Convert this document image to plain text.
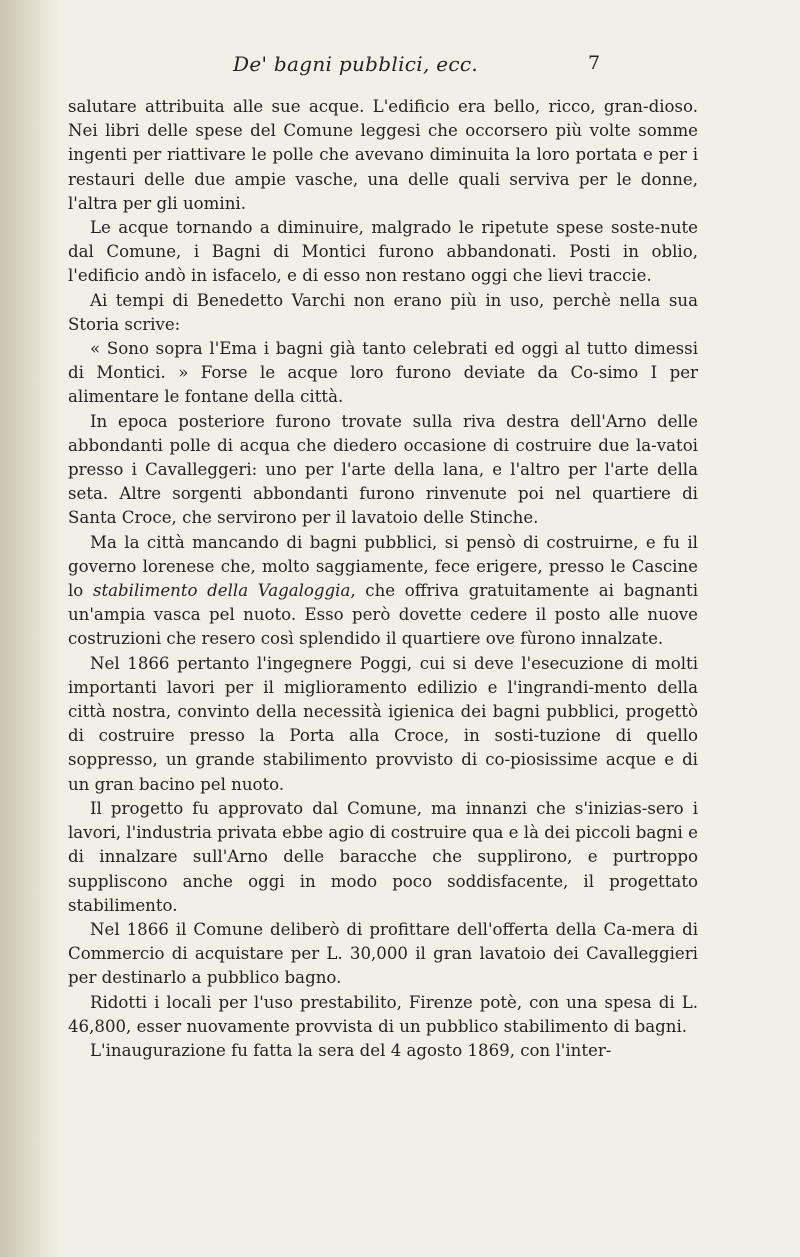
De' bagni pubblici, ecc.	7

salutare attribuita alle sue acque. L'edificio era bello, ricco, gran-dioso. Nei libri delle spese del Comune leggesi che occorsero più volte somme ingenti per riattivare le polle che avevano diminuita la loro portata e per i restauri delle due ampie vasche, una delle quali serviva per le donne, l'altra per gli uomini.

Le acque tornando a diminuire, malgrado le ripetute spese soste-nute dal Comune, i Bagni di Montici furono abbandonati. Posti in oblio, l'edificio andò in isfacelo, e di esso non restano oggi che lievi traccie.

Ai tempi di Benedetto Varchi non erano più in uso, perchè nella sua Storia scrive:

« Sono sopra l'Ema i bagni già tanto celebrati ed oggi al tutto dimessi di Montici. » Forse le acque loro furono deviate da Co-simo I per alimentare le fontane della città.

In epoca posteriore furono trovate sulla riva destra dell'Arno delle abbondanti polle di acqua che diedero occasione di costruire due la-vatoi presso i Cavalleggeri: uno per l'arte della lana, e l'altro per l'arte della seta. Altre sorgenti abbondanti furono rinvenute poi nel quartiere di Santa Croce, che servirono per il lavatoio delle Stinche.

Ma la città mancando di bagni pubblici, si pensò di costruirne, e fu il governo lorenese che, molto saggiamente, fece erigere, presso le Cascine lo stabilimento della Vagaloggia, che offriva gratuitamente ai bagnanti un'ampia vasca pel nuoto. Esso però dovette cedere il posto alle nuove costruzioni che resero così splendido il quartiere ove fùrono innalzate.

Nel 1866 pertanto l'ingegnere Poggi, cui si deve l'esecuzione di molti importanti lavori per il miglioramento edilizio e l'ingrandi-mento della città nostra, convinto della necessità igienica dei bagni pubblici, progettò di costruire presso la Porta alla Croce, in sosti-tuzione di quello soppresso, un grande stabilimento provvisto di co-piosissime acque e di un gran bacino pel nuoto.

Il progetto fu approvato dal Comune, ma innanzi che s'inizias-sero i lavori, l'industria privata ebbe agio di costruire qua e là dei piccoli bagni e di innalzare sull'Arno delle baracche che supplirono, e purtroppo suppliscono anche oggi in modo poco soddisfacente, il progettato stabilimento.

Nel 1866 il Comune deliberò di profittare dell'offerta della Ca-mera di Commercio di acquistare per L. 30,000 il gran lavatoio dei Cavalleggieri per destinarlo a pubblico bagno.

Ridotti i locali per l'uso prestabilito, Firenze potè, con una spesa di L. 46,800, esser nuovamente provvista di un pubblico stabilimento di bagni.

L'inaugurazione fu fatta la sera del 4 agosto 1869, con l'inter-
